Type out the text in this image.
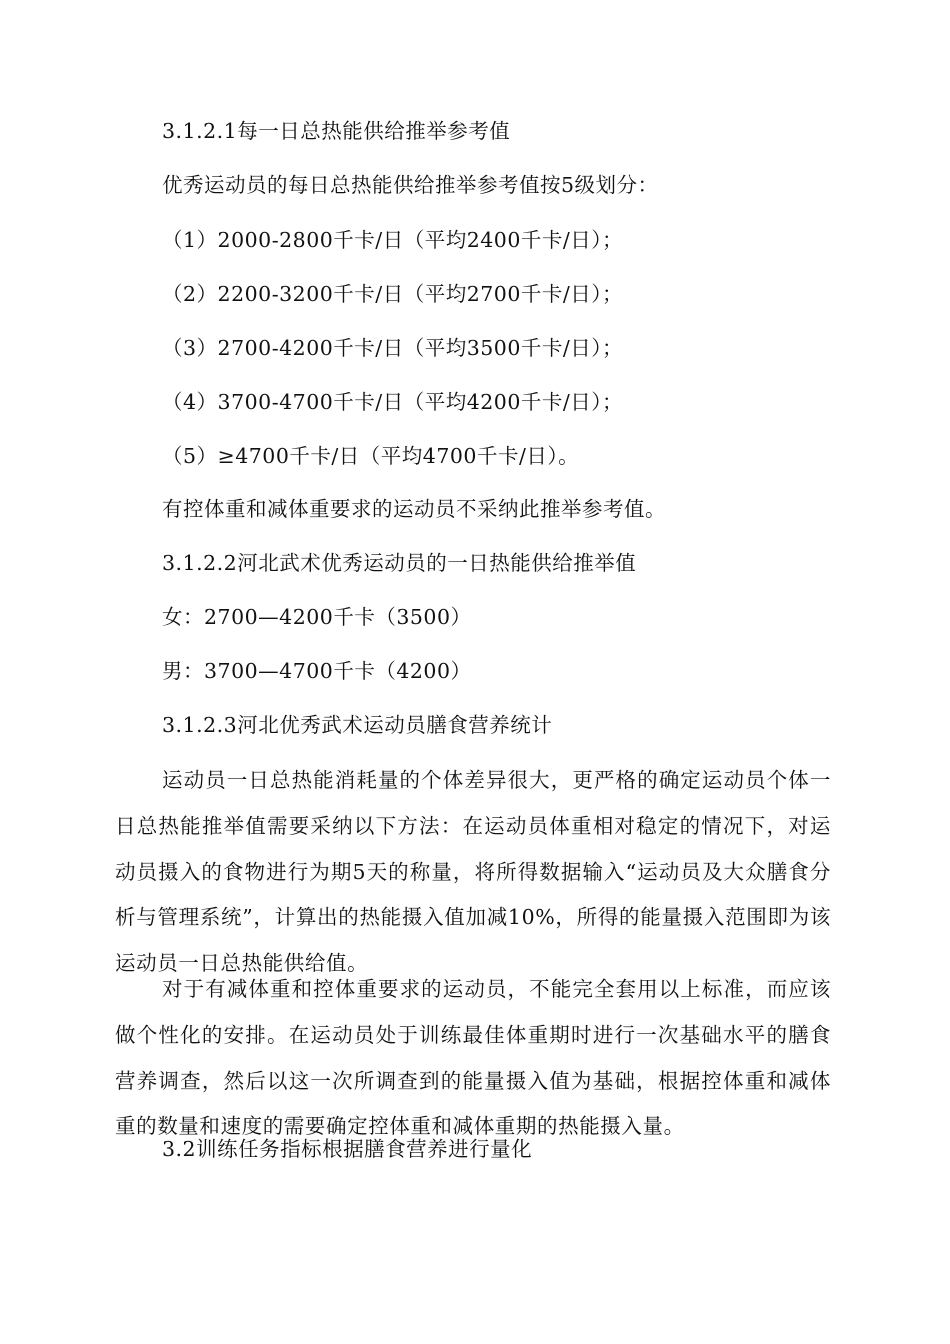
3.1.2.1每一日总热能供给推举参考值
优秀运动员的每日总热能供给推举参考值按5级划分：
（1）2000-2800千卡/日（平均2400千卡/日）；
（2）2200-3200千卡/日（平均2700千卡/日）；
（3）2700-4200千卡/日（平均3500千卡/日）；
（4）3700-4700千卡/日（平均4200千卡/日）；
（5）≥4700千卡/日（平均4700千卡/日）。
有控体重和减体重要求的运动员不采纳此推举参考值。
3.1.2.2河北武术优秀运动员的一日热能供给推举值
女：2700—4200千卡（3500）
男：3700—4700千卡（4200）
3.1.2.3河北优秀武术运动员膳食营养统计
运动员一日总热能消耗量的个体差异很大，更严格的确定运动员个体一日总热能推举值需要采纳以下方法：在运动员体重相对稳定的情况下，对运动员摄入的食物进行为期5天的称量，将所得数据输入“运动员及大众膳食分析与管理系统”，计算出的热能摄入值加减10%，所得的能量摄入范围即为该运动员一日总热能供给值。
对于有减体重和控体重要求的运动员，不能完全套用以上标准，而应该做个性化的安排。在运动员处于训练最佳体重期时进行一次基础水平的膳食营养调查，然后以这一次所调查到的能量摄入值为基础，根据控体重和减体重的数量和速度的需要确定控体重和减体重期的热能摄入量。
3.2训练任务指标根据膳食营养进行量化
